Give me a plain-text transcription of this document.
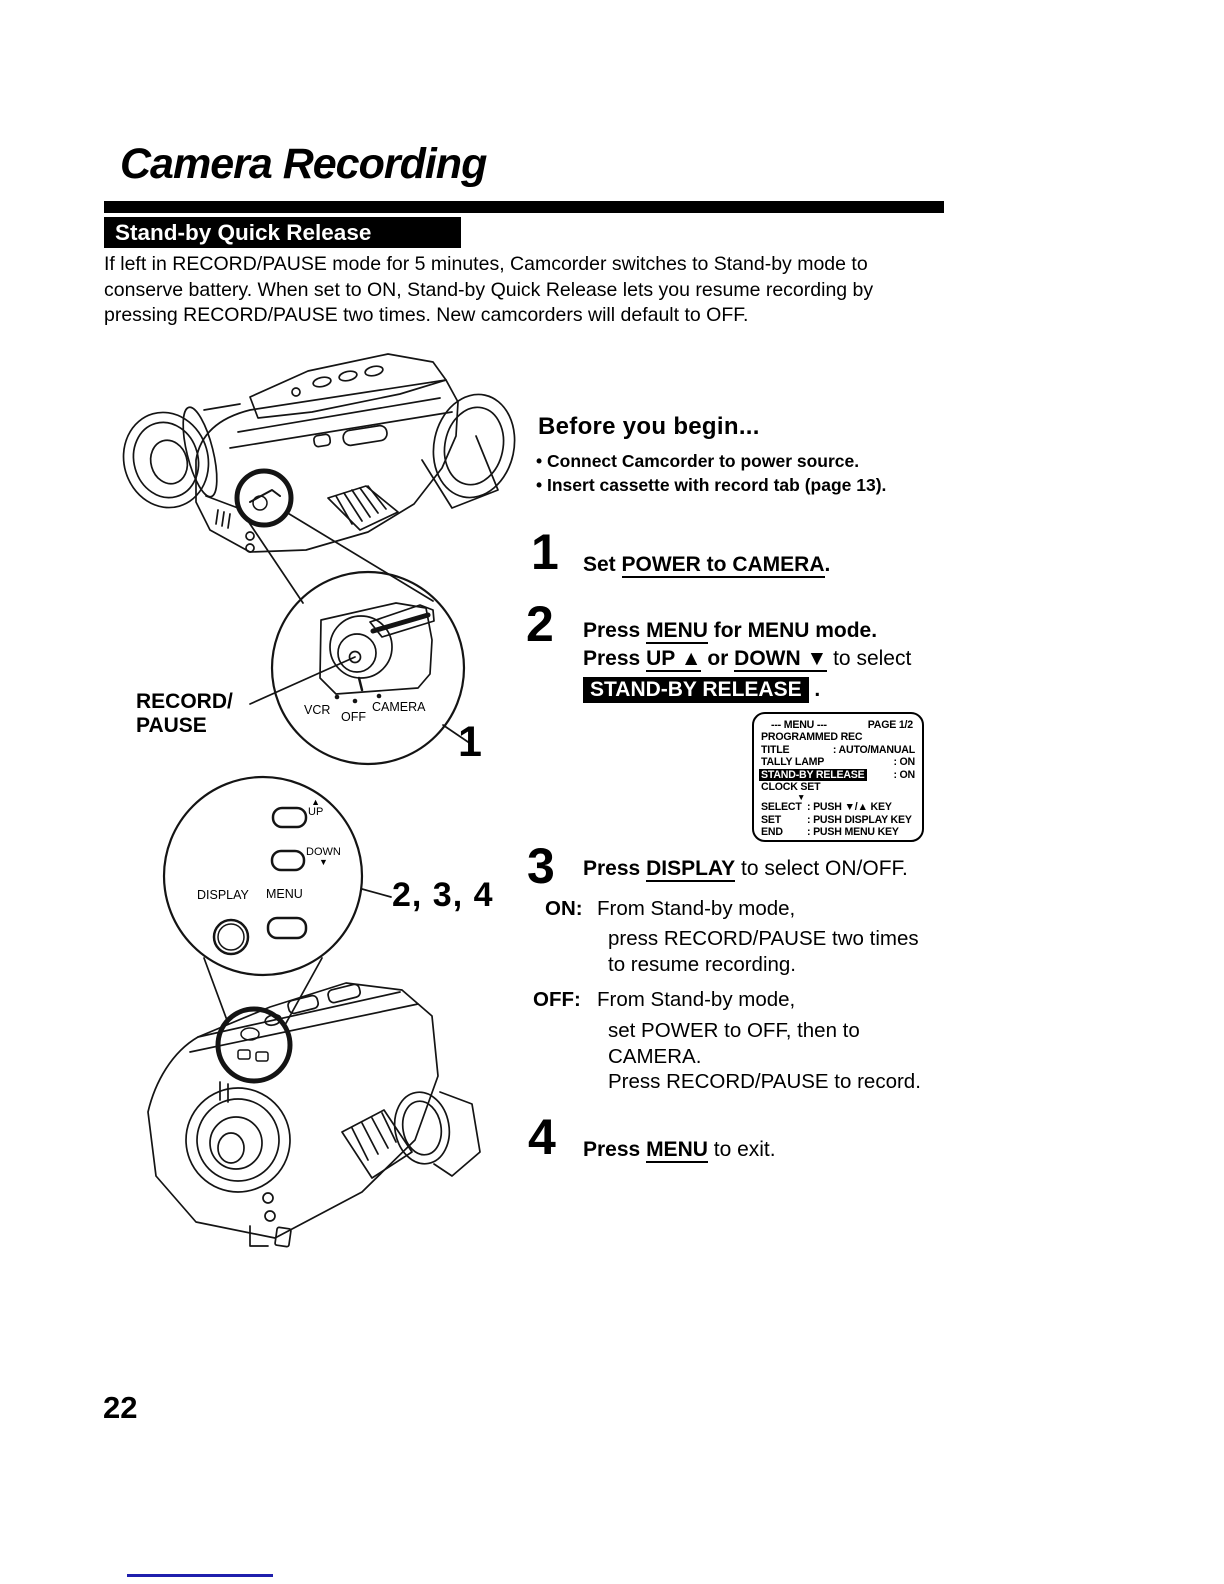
Camera Recording
Stand-by Quick Release
If left in RECORD/PAUSE mode for 5 minutes, Camcorder switches to Stand-by mode to
conserve battery. When set to ON, Stand-by Quick Release lets you resume recording by
pressing RECORD/PAUSE two times. New camcorders will default to OFF.
RECORD/
PAUSE
VCR OFF
CAMERA
1
▲
UP
DOWN
▼
DISPLAY MENU	2, 3, 4
Before you begin...
• Connect Camcorder to power source.
• Insert cassette with record tab (page 13).
1 Set POWER to CAMERA.
2 Press MENU for MENU mode.
Press UP ▲ or DOWN ▼ to select
STAND-BY RELEASE .
--- MENU ---	PAGE 1/2
PROGRAMMED REC
TITLE	: AUTO/MANUAL
TALLY LAMP	: ON
STAND-BY RELEASE	: ON
CLOCK SET
▼
SELECT : PUSH ▼/▲ KEY
SET	: PUSH DISPLAY KEY
END	: PUSH MENU KEY
3 Press DISPLAY to select ON/OFF.
ON: From Stand-by mode,
press RECORD/PAUSE two times
to resume recording.
OFF: From Stand-by mode,
set POWER to OFF, then to
CAMERA.
Press RECORD/PAUSE to record.
4 Press MENU to exit.
22
